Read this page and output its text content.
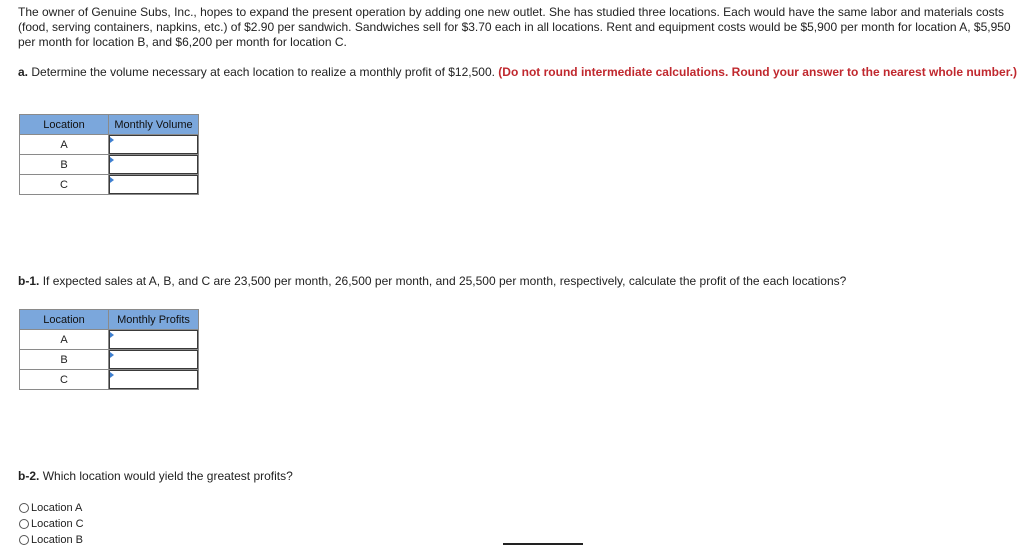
The owner of Genuine Subs, Inc., hopes to expand the present operation by adding one new outlet. She has studied three locations. Each would have the same labor and materials costs (food, serving containers, napkins, etc.) of $2.90 per sandwich. Sandwiches sell for $3.70 each in all locations. Rent and equipment costs would be $5,900 per month for location A, $5,950 per month for location B, and $6,200 per month for location C.

a. Determine the volume necessary at each location to realize a monthly profit of $12,500. (Do not round intermediate calculations. Round your answer to the nearest whole number.)

Location	Monthly Volume
A	

B	

C	

b-1. If expected sales at A, B, and C are 23,500 per month, 26,500 per month, and 25,500 per month, respectively, calculate the profit of the each locations?

Location	Monthly Profits
A	

B	

C	

b-2. Which location would yield the greatest profits?

Location A
Location C
Location B
